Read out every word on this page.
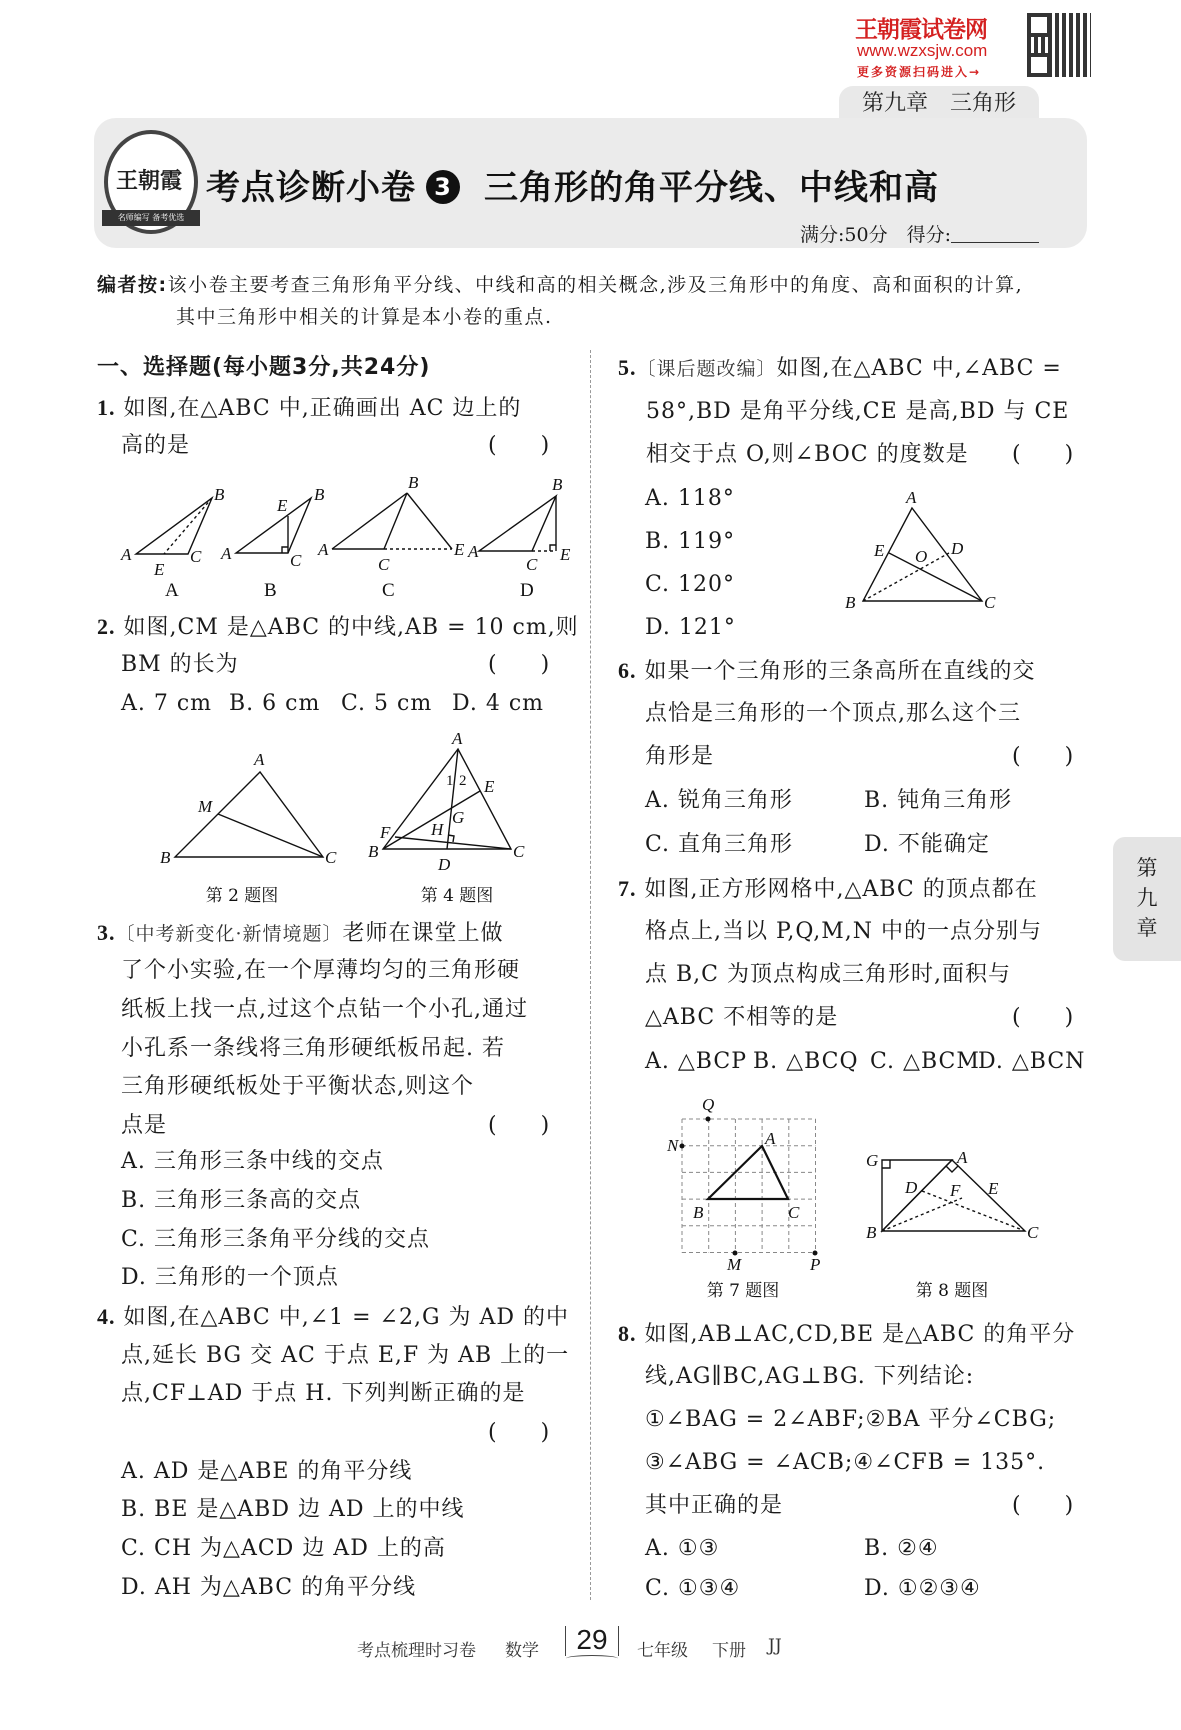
王朝霞试卷网
www.wzxsjw.com
更多资源扫码进入→
第九章　三角形
王朝霞
名师编写 备考优选
考点诊断小卷 3 三角形的角平分线、中线和高
满分:50分  得分:
编者按:该小卷主要考查三角形角平分线、中线和高的相关概念,涉及三角形中的角度、高和面积的计算,
其中三角形中相关的计算是本小卷的重点.
一、选择题(每小题3分,共24分)
1. 如图,在△ABC 中,正确画出 AC 边上的
高的是	(　　)
2. 如图,CM 是△ABC 的中线,AB = 10 cm,则
BM 的长为	(　　)
A. 7 cm B. 6 cm C. 5 cm D. 4 cm
3.〔中考新变化·新情境题〕老师在课堂上做
了个小实验,在一个厚薄均匀的三角形硬
纸板上找一点,过这个点钻一个小孔,通过
小孔系一条线将三角形硬纸板吊起. 若
三角形硬纸板处于平衡状态,则这个
点是	(　　)
A. 三角形三条中线的交点
B. 三角形三条高的交点
C. 三角形三条角平分线的交点
D. 三角形的一个顶点
4. 如图,在△ABC 中,∠1 = ∠2,G 为 AD 的中
点,延长 BG 交 AC 于点 E,F 为 AB 上的一
点,CF⊥AD 于点 H. 下列判断正确的是
(　　)
A. AD 是△ABE 的角平分线
B. BE 是△ABD 边 AD 上的中线
C. CH 为△ACD 边 AD 上的高
D. AH 为△ABC 的角平分线
5.〔课后题改编〕如图,在△ABC 中,∠ABC =
58°,BD 是角平分线,CE 是高,BD 与 CE
相交于点 O,则∠BOC 的度数是 (　　)
A. 118°
B. 119°
C. 120°
D. 121°
6. 如果一个三角形的三条高所在直线的交
点恰是三角形的一个顶点,那么这个三
角形是	(　　)
A. 锐角三角形	B. 钝角三角形
C. 直角三角形	D. 不能确定
7. 如图,正方形网格中,△ABC 的顶点都在
格点上,当以 P,Q,M,N 中的一点分别与
点 B,C 为顶点构成三角形时,面积与
△ABC 不相等的是	(　　)
A. △BCP B. △BCQ C. △BCM
D. △BCN
8. 如图,AB⊥AC,CD,BE 是△ABC 的角平分
线,AG∥BC,AG⊥BG. 下列结论:
①∠BAG = 2∠ABF;②BA 平分∠CBG;
③∠ABG = ∠ACB;④∠CFB = 135°.
其中正确的是	(　　)
A. ①③	B. ②④
C. ①③④	D. ①②③④
A
B
C
E
A
B
C
E
A
B
C
E A
B
C
E
A	B	C	D
A
B	C
M
第 2 题图
A
B	C
D
E
F
G
H
1 2
第 4 题图
A
B	C
D
E O
A
B	C
M
N
P
Q
第 7 题图
A
B	C
D	E
F
G
第 8 题图
第
九
章
考点梳理时习卷 数学	29	七年级 下册 JJ
